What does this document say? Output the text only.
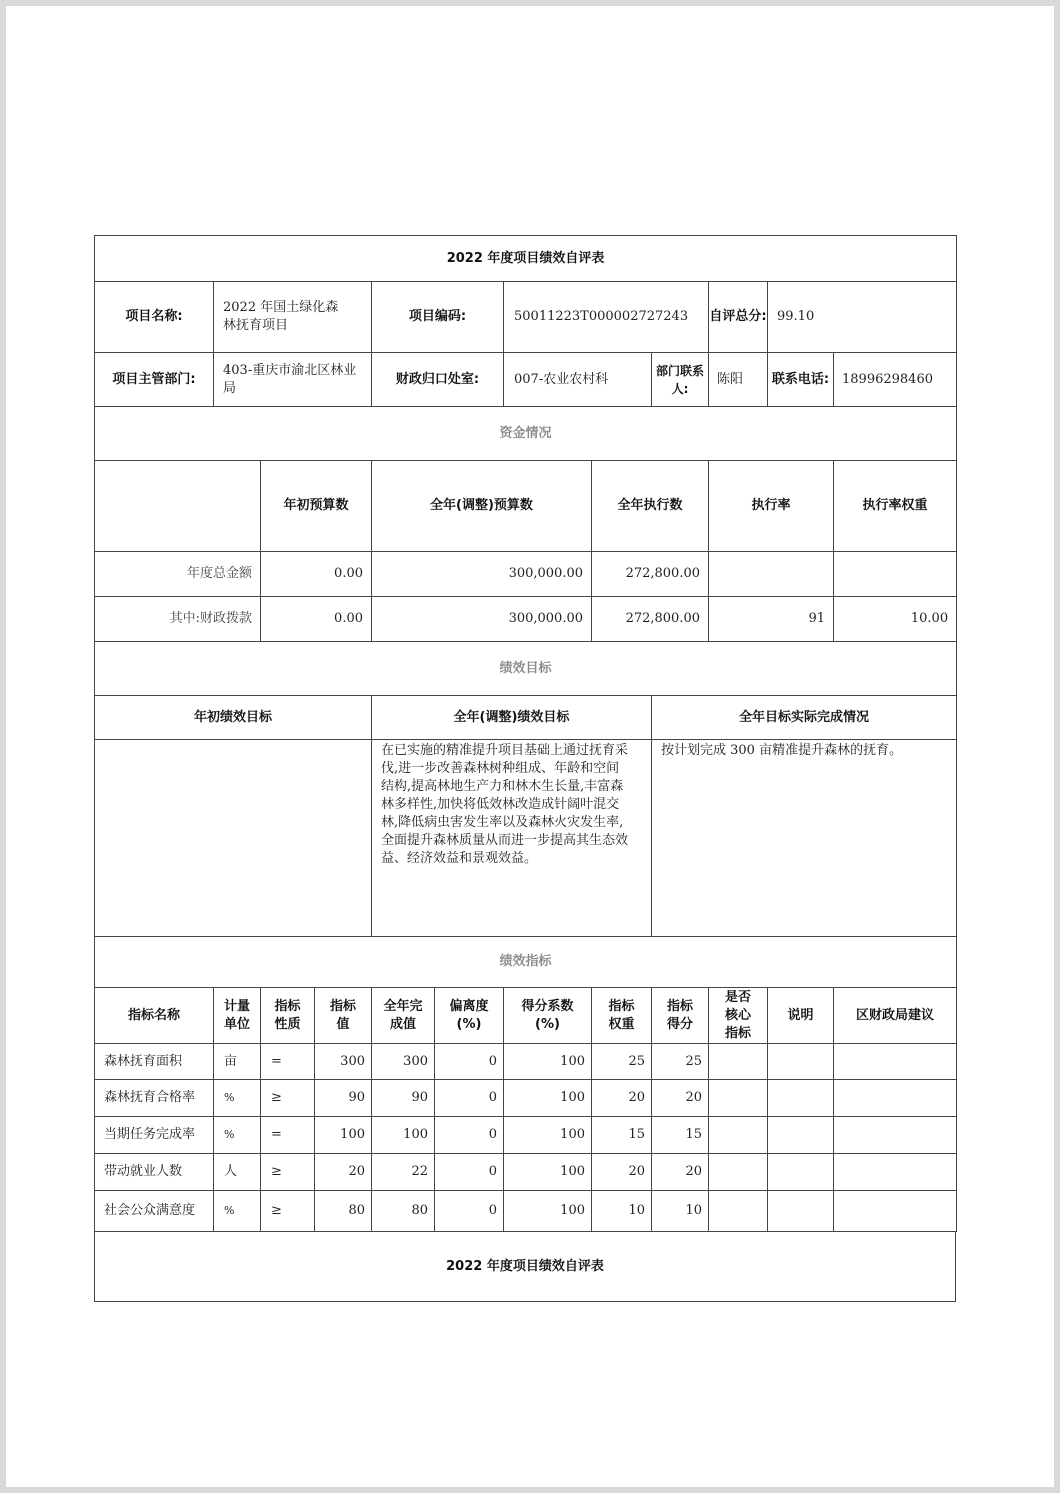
2022 年度项目绩效自评表												
项目名称:	2022 年国土绿化森林抚育项目			项目编码:		50011223T000002727243			自评总分:	99.10		
项目主管部门:	403-重庆市渝北区林业局			财政归口处室:		007-农业农村科		部门联系人:	陈阳	联系电话:	18996298460	
资金情况												
		年初预算数		全年(调整)预算数			全年执行数		执行率		执行率权重	
年度总金额		0.00		300,000.00			272,800.00					
其中:财政拨款		0.00		300,000.00			272,800.00		91		10.00	
绩效目标												
年初绩效目标				全年(调整)绩效目标				全年目标实际完成情况				
				在已实施的精准提升项目基础上通过抚育采伐,进一步改善森林树种组成、年龄和空间结构,提高林地生产力和林木生长量,丰富森林多样性,加快将低效林改造成针阔叶混交林,降低病虫害发生率以及森林火灾发生率,全面提升森林质量从而进一步提高其生态效益、经济效益和景观效益。				按计划完成 300 亩精准提升森林的抚育。				
绩效指标												
指标名称	计量单位	指标性质	指标值	全年完成值	偏离度(%)	得分系数(%)	指标权重	指标得分	是否核心指标	说明	区财政局建议	
森林抚育面积	亩	=	300	300	0	100	25	25				
森林抚育合格率	%	≥	90	90	0	100	20	20				
当期任务完成率	%	=	100	100	0	100	15	15				
带动就业人数	人	≥	20	22	0	100	20	20				
社会公众满意度	%	≥	80	80	0	100	10	10				
2022 年度项目绩效自评表
